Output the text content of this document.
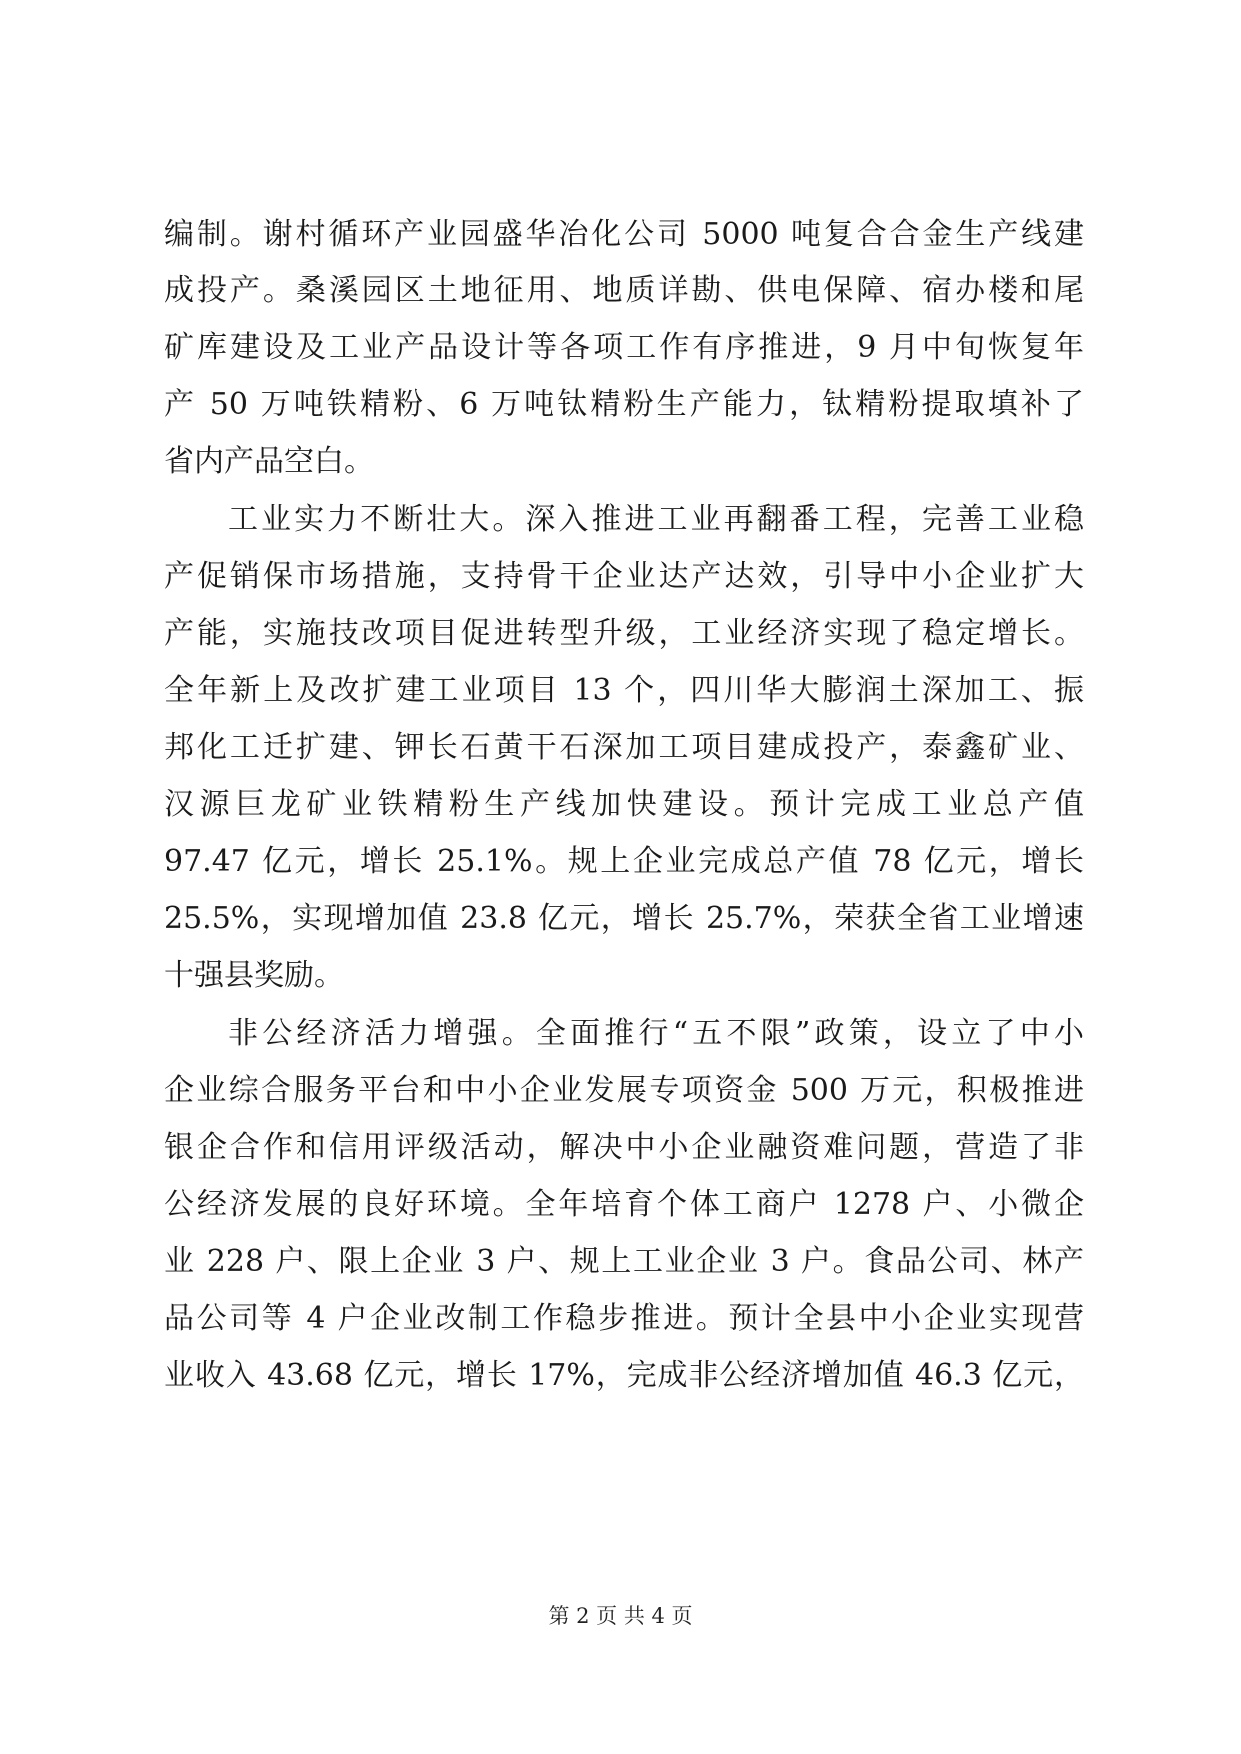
编制。谢村循环产业园盛华冶化公司 5000 吨复合合金生产线建
成投产。桑溪园区土地征用、地质详勘、供电保障、宿办楼和尾
矿库建设及工业产品设计等各项工作有序推进，9 月中旬恢复年
产 50 万吨铁精粉、6 万吨钛精粉生产能力，钛精粉提取填补了
省内产品空白。
工业实力不断壮大。深入推进工业再翻番工程，完善工业稳
产促销保市场措施，支持骨干企业达产达效，引导中小企业扩大
产能，实施技改项目促进转型升级，工业经济实现了稳定增长。
全年新上及改扩建工业项目 13 个，四川华大膨润土深加工、振
邦化工迁扩建、钾长石黄干石深加工项目建成投产，泰鑫矿业、
汉源巨龙矿业铁精粉生产线加快建设。预计完成工业总产值
97.47 亿元，增长 25.1%。规上企业完成总产值 78 亿元，增长
25.5%，实现增加值 23.8 亿元，增长 25.7%，荣获全省工业增速
十强县奖励。
非公经济活力增强。全面推行“五不限”政策，设立了中小
企业综合服务平台和中小企业发展专项资金 500 万元，积极推进
银企合作和信用评级活动，解决中小企业融资难问题，营造了非
公经济发展的良好环境。全年培育个体工商户 1278 户、小微企
业 228 户、限上企业 3 户、规上工业企业 3 户。食品公司、林产
品公司等 4 户企业改制工作稳步推进。预计全县中小企业实现营
业收入 43.68 亿元，增长 17%，完成非公经济增加值 46.3 亿元，
第 2 页 共 4 页
